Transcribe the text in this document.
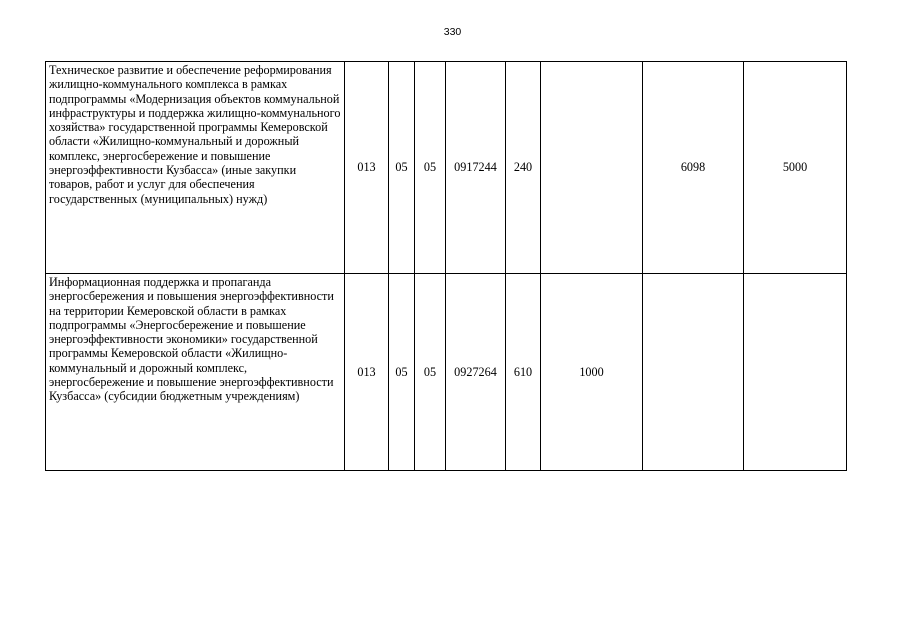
330
Техническое развитие и обеспечение реформирования жилищно-коммунального комплекса в рамках подпрограммы «Модернизация объектов коммунальной инфраструктуры и поддержка жилищно-коммунального хозяйства» государственной программы Кемеровской области «Жилищно-коммунальный и дорожный комплекс, энергосбережение и повышение энергоэффективности Кузбасса» (иные закупки товаров, работ и услуг для обеспечения государственных (муниципальных) нужд)	013	05	05	0917244	240		6098	5000
Информационная поддержка и пропаганда энергосбережения и повышения энергоэффективности на территории Кемеровской области в рамках подпрограммы «Энергосбережение и повышение энергоэффективности экономики» государственной программы Кемеровской области «Жилищно-коммунальный и дорожный комплекс, энергосбережение и повышение энергоэффективности Кузбасса» (субсидии бюджетным учреждениям)	013	05	05	0927264	610	1000		
